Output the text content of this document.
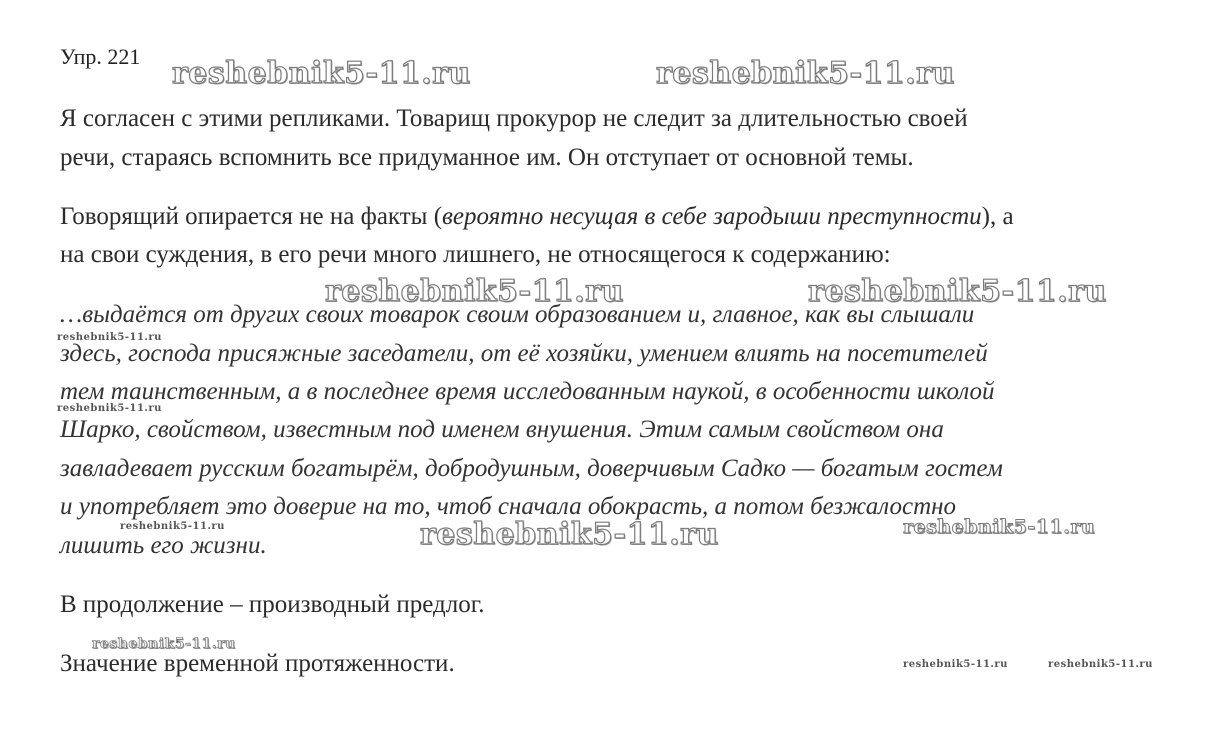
Упр. 221
Я согласен с этими репликами. Товарищ прокурор не следит за длительностью своей
речи, стараясь вспомнить все придуманное им. Он отступает от основной темы.
Говорящий опирается не на факты (вероятно несущая в себе зародыши преступности), а
на свои суждения, в его речи много лишнего, не относящегося к содержанию:
…выдаётся от других своих товарок своим образованием и, главное, как вы слышали
здесь, господа присяжные заседатели, от её хозяйки, умением влиять на посетителей
тем таинственным, а в последнее время исследованным наукой, в особенности школой
Шарко, свойством, известным под именем внушения. Этим самым свойством она
завладевает русским богатырём, добродушным, доверчивым Садко — богатым гостем
и употребляет это доверие на то, чтоб сначала обокрасть, а потом безжалостно
лишить его жизни.
В продолжение – производный предлог.
Значение временной протяженности.
reshebnik5-11.ru	reshebnik5-11.ru
reshebnik5-11.ru	reshebnik5-11.ru
reshebnik5-11.ru	reshebnik5-11.ru
reshebnik5-11.ru
reshebnik5-11.ru
reshebnik5-11.ru
reshebnik5-11.ru
reshebnik5-11.ru	reshebnik5-11.ru
